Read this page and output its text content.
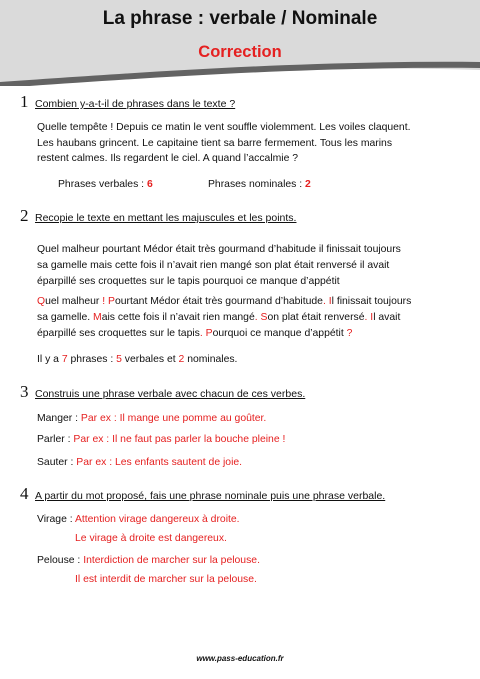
La phrase : verbale / Nominale
Correction
1 Combien y-a-t-il de phrases dans le texte ?
Quelle tempête ! Depuis ce matin le vent souffle violemment. Les voiles claquent.
Les haubans grincent. Le capitaine tient sa barre fermement. Tous les marins
restent calmes. Ils regardent le ciel. A quand l’accalmie ?
Phrases verbales : 6	Phrases nominales : 2
2 Recopie le texte en mettant les majuscules et les points.
Quel malheur pourtant Médor était très gourmand d’habitude il finissait toujours
sa gamelle mais cette fois il n’avait rien mangé son plat était renversé il avait
éparpillé ses croquettes sur le tapis pourquoi ce manque d’appétit
Quel malheur ! Pourtant Médor était très gourmand d’habitude. Il finissait toujours
sa gamelle. Mais cette fois il n’avait rien mangé. Son plat était renversé. Il avait
éparpillé ses croquettes sur le tapis. Pourquoi ce manque d’appétit ?
Il y a 7 phrases : 5 verbales et 2 nominales.
3 Construis une phrase verbale avec chacun de ces verbes.
Manger : Par ex : Il mange une pomme au goûter.
Parler : Par ex : Il ne faut pas parler la bouche pleine !
Sauter : Par ex : Les enfants sautent de joie.
4 A partir du mot proposé, fais une phrase nominale puis une phrase verbale.
Virage : Attention virage dangereux à droite.
Le virage à droite est dangereux.
Pelouse : Interdiction de marcher sur la pelouse.
Il est interdit de marcher sur la pelouse.
www.pass-education.fr
